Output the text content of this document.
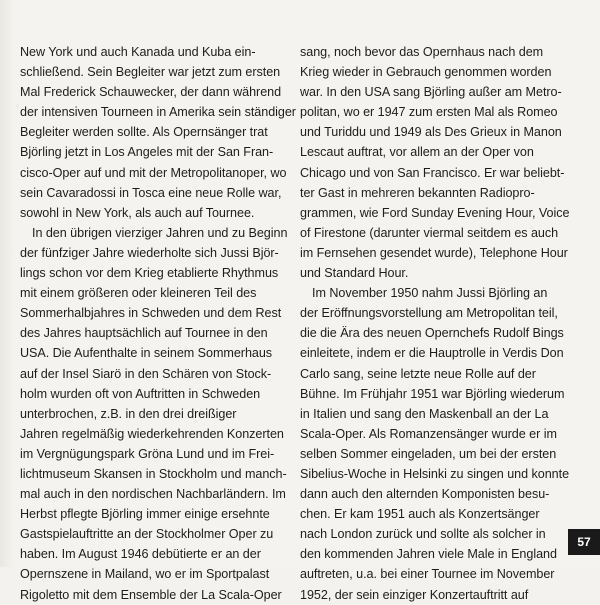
New York und auch Kanada und Kuba ein-
schließend. Sein Begleiter war jetzt zum ersten
Mal Frederick Schauwecker, der dann während
der intensiven Tourneen in Amerika sein ständiger
Begleiter werden sollte. Als Opernsänger trat
Björling jetzt in Los Angeles mit der San Fran-
cisco-Oper auf und mit der Metropolitanoper, wo
sein Cavaradossi in Tosca eine neue Rolle war,
sowohl in New York, als auch auf Tournee.
In den übrigen vierziger Jahren und zu Beginn
der fünfziger Jahre wiederholte sich Jussi Björ-
lings schon vor dem Krieg etablierte Rhythmus
mit einem größeren oder kleineren Teil des
Sommerhalbjahres in Schweden und dem Rest
des Jahres hauptsächlich auf Tournee in den
USA. Die Aufenthalte in seinem Sommerhaus
auf der Insel Siarö in den Schären von Stock-
holm wurden oft von Auftritten in Schweden
unterbrochen, z.B. in den drei dreißiger
Jahren regelmäßig wiederkehrenden Konzerten
im Vergnügungspark Gröna Lund und im Frei-
lichtmuseum Skansen in Stockholm und manch-
mal auch in den nordischen Nachbarländern. Im
Herbst pflegte Björling immer einige ersehnte
Gastspielauftritte an der Stockholmer Oper zu
haben. Im August 1946 debütierte er an der
Opernszene in Mailand, wo er im Sportpalast
Rigoletto mit dem Ensemble der La Scala-Oper
sang, noch bevor das Opernhaus nach dem
Krieg wieder in Gebrauch genommen worden
war. In den USA sang Björling außer am Metro-
politan, wo er 1947 zum ersten Mal als Romeo
und Turiddu und 1949 als Des Grieux in Manon
Lescaut auftrat, vor allem an der Oper von
Chicago und von San Francisco. Er war beliebt-
ter Gast in mehreren bekannten Radiopro-
grammen, wie Ford Sunday Evening Hour, Voice
of Firestone (darunter viermal seitdem es auch
im Fernsehen gesendet wurde), Telephone Hour
und Standard Hour.
Im November 1950 nahm Jussi Björling an
der Eröffnungsvorstellung am Metropolitan teil,
die die Ära des neuen Opernchefs Rudolf Bings
einleitete, indem er die Hauptrolle in Verdis Don
Carlo sang, seine letzte neue Rolle auf der
Bühne. Im Frühjahr 1951 war Björling wiederum
in Italien und sang den Maskenball an der La
Scala-Oper. Als Romanzensänger wurde er im
selben Sommer eingeladen, um bei der ersten
Sibelius-Woche in Helsinki zu singen und konnte
dann auch den alternden Komponisten besu-
chen. Er kam 1951 auch als Konzertsänger
nach London zurück und sollte als solcher in
den kommenden Jahren viele Male in England
auftreten, u.a. bei einer Tournee im November
1952, der sein einziger Konzertauftritt auf
57
